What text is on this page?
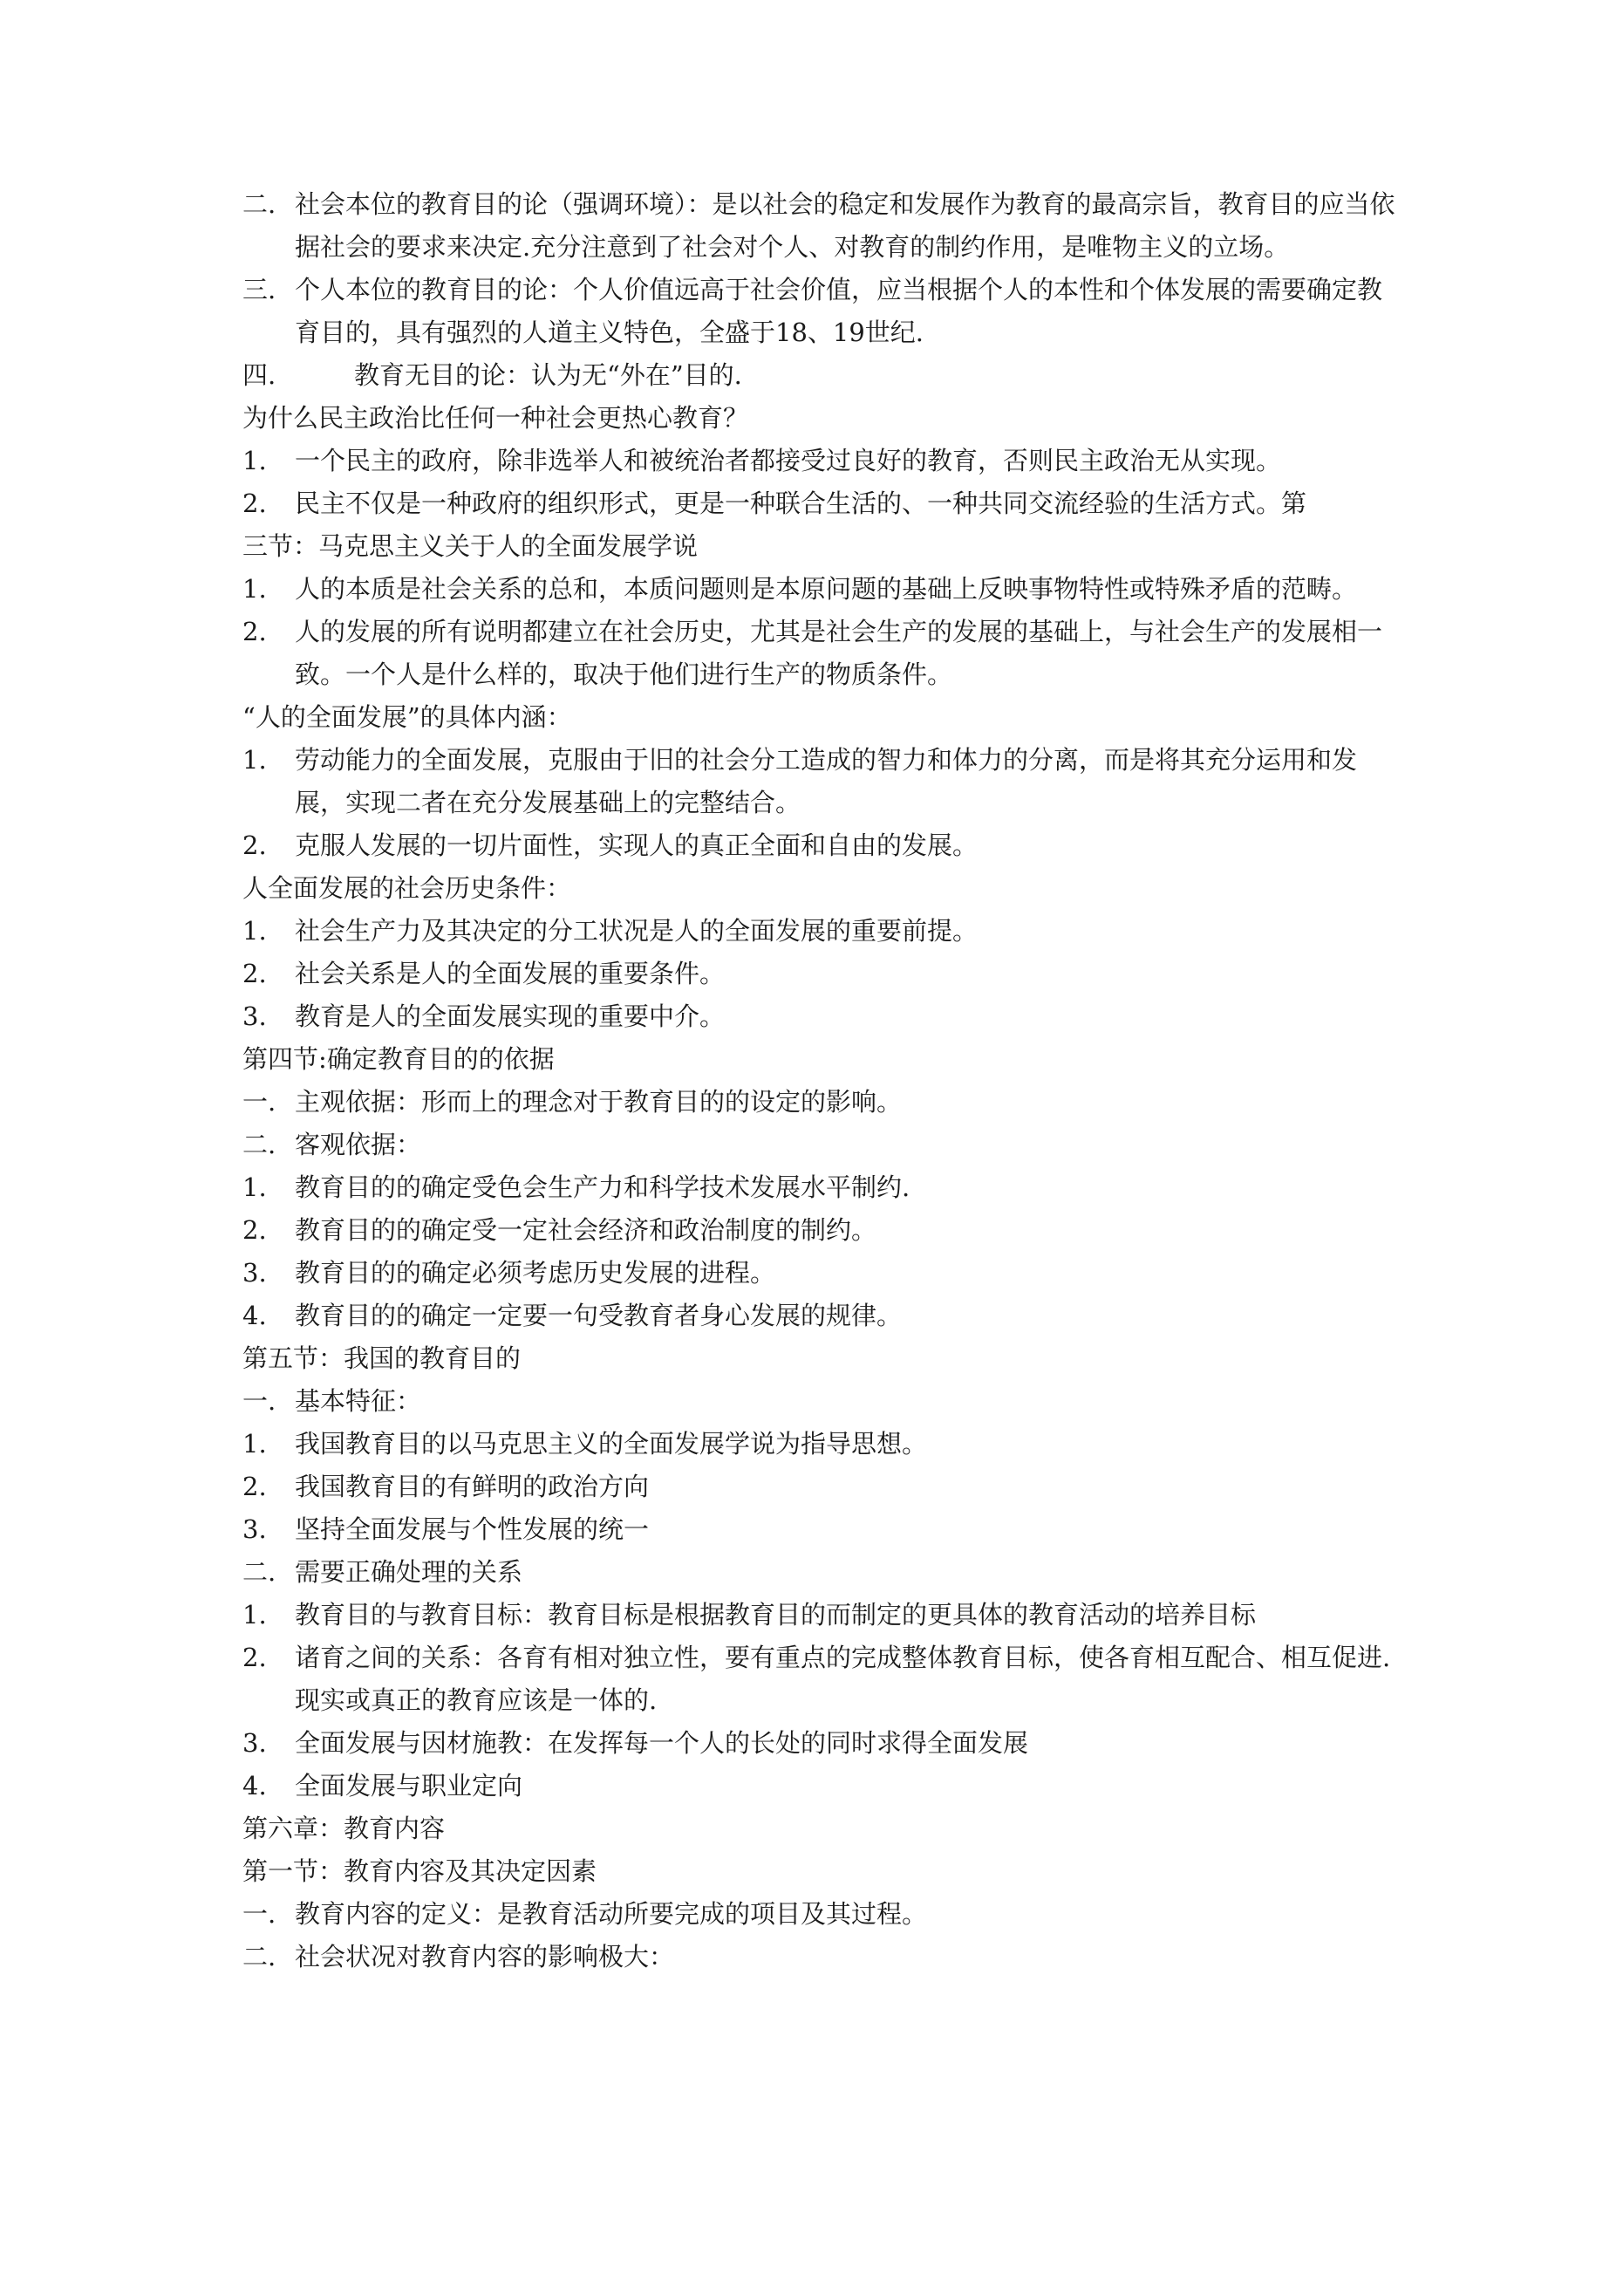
二. 社会本位的教育目的论（强调环境）：是以社会的稳定和发展作为教育的最高宗旨，教育目的应当依据社会的要求来决定.充分注意到了社会对个人、对教育的制约作用，是唯物主义的立场。
三. 个人本位的教育目的论：个人价值远高于社会价值，应当根据个人的本性和个体发展的需要确定教育目的，具有强烈的人道主义特色，全盛于18、19世纪.
四.	教育无目的论：认为无“外在”目的.
为什么民主政治比任何一种社会更热心教育？
1.	一个民主的政府，除非选举人和被统治者都接受过良好的教育，否则民主政治无从实现。
2.	民主不仅是一种政府的组织形式，更是一种联合生活的、一种共同交流经验的生活方式。第
三节：马克思主义关于人的全面发展学说
1.	人的本质是社会关系的总和，本质问题则是本原问题的基础上反映事物特性或特殊矛盾的范畴。
2.	人的发展的所有说明都建立在社会历史，尤其是社会生产的发展的基础上，与社会生产的发展相一致。一个人是什么样的，取决于他们进行生产的物质条件。
“人的全面发展”的具体内涵：
1.	劳动能力的全面发展，克服由于旧的社会分工造成的智力和体力的分离，而是将其充分运用和发展，实现二者在充分发展基础上的完整结合。
2.	克服人发展的一切片面性，实现人的真正全面和自由的发展。
人全面发展的社会历史条件：
1.	社会生产力及其决定的分工状况是人的全面发展的重要前提。
2.	社会关系是人的全面发展的重要条件。
3.	教育是人的全面发展实现的重要中介。
第四节:确定教育目的的依据
一. 主观依据：形而上的理念对于教育目的的设定的影响。
二. 客观依据：
1.	教育目的的确定受色会生产力和科学技术发展水平制约.
2.	教育目的的确定受一定社会经济和政治制度的制约。
3.	教育目的的确定必须考虑历史发展的进程。
4.	教育目的的确定一定要一句受教育者身心发展的规律。
第五节：我国的教育目的
一. 基本特征：
1.	我国教育目的以马克思主义的全面发展学说为指导思想。
2.	我国教育目的有鲜明的政治方向
3.	坚持全面发展与个性发展的统一
二. 需要正确处理的关系
1.	教育目的与教育目标：教育目标是根据教育目的而制定的更具体的教育活动的培养目标
2.	诸育之间的关系：各育有相对独立性，要有重点的完成整体教育目标，使各育相互配合、相互促进.现实或真正的教育应该是一体的.
3.	全面发展与因材施教：在发挥每一个人的长处的同时求得全面发展
4.	全面发展与职业定向
第六章：教育内容
第一节：教育内容及其决定因素
一. 教育内容的定义：是教育活动所要完成的项目及其过程。
二. 社会状况对教育内容的影响极大：
